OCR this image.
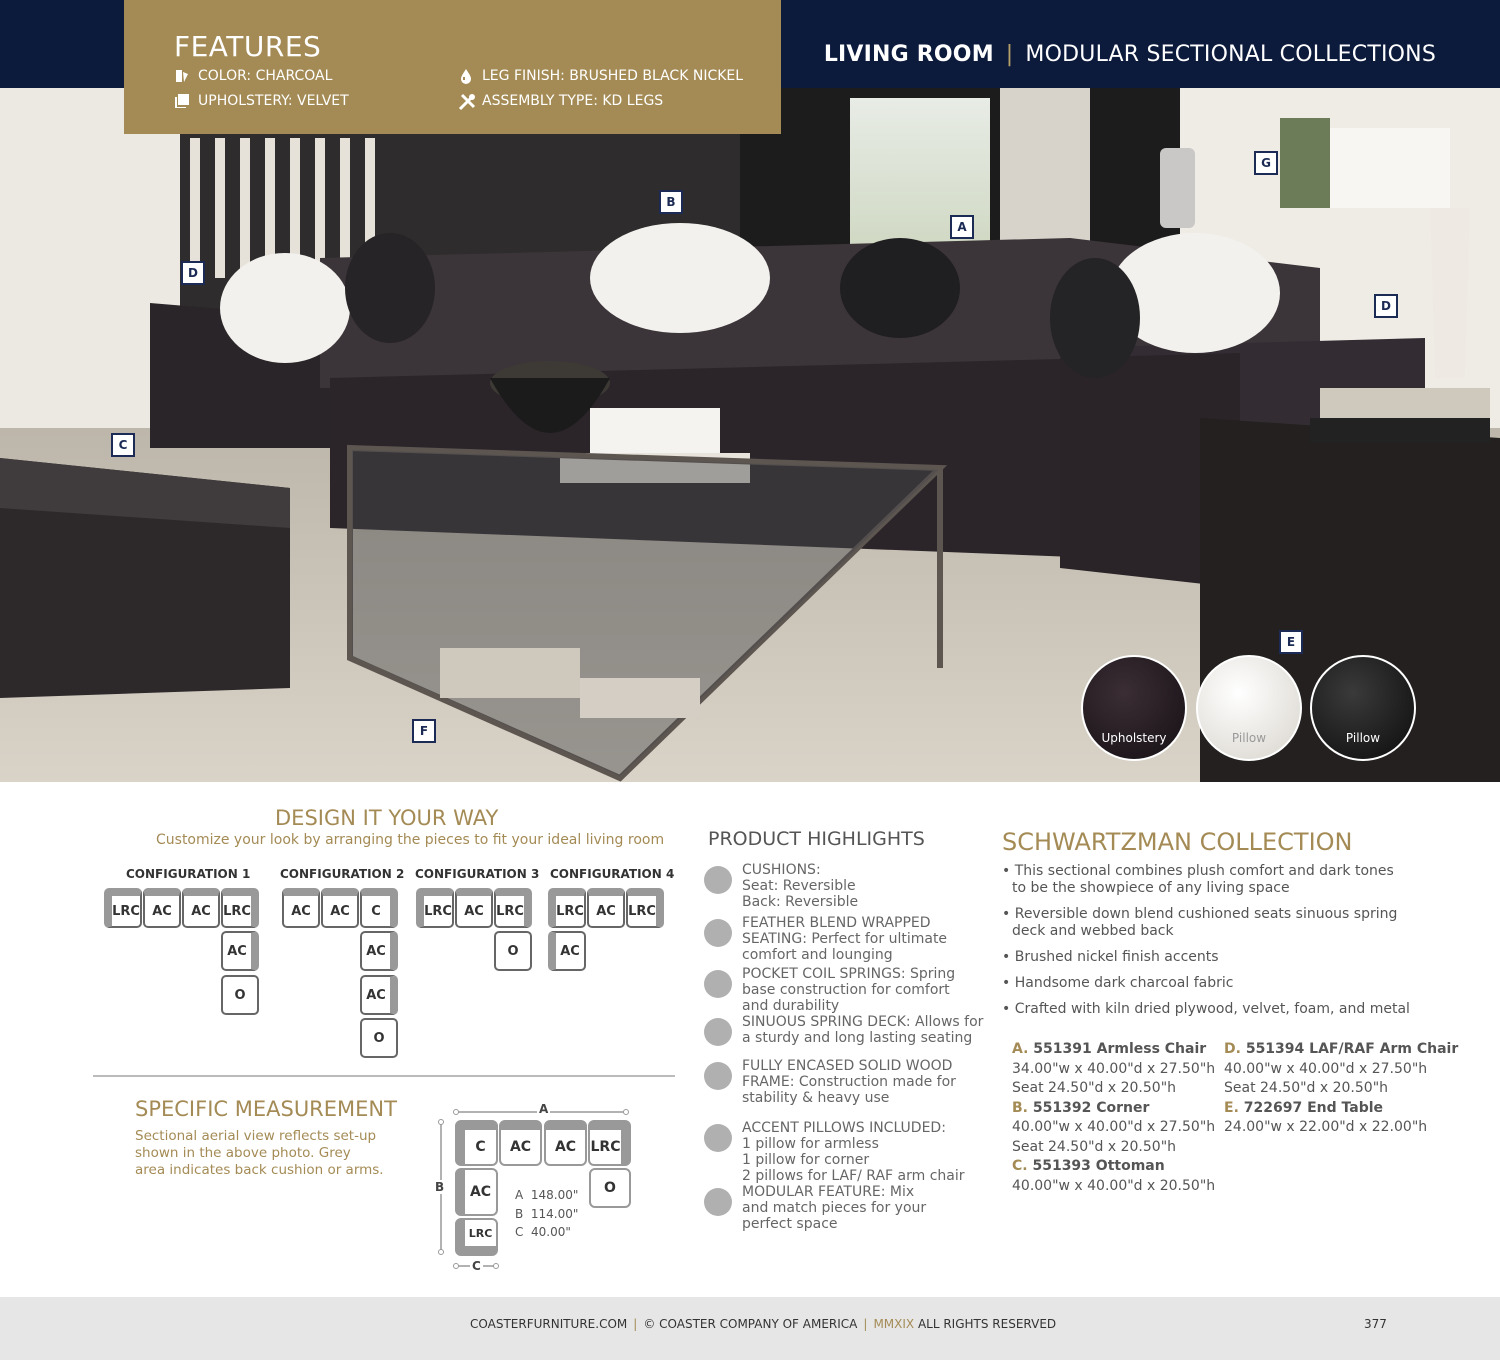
LIVING ROOM | MODULAR SECTIONAL COLLECTIONS
D
B
A
G
D
C
F
E
Upholstery	Pillow	Pillow
FEATURES
COLOR: CHARCOAL
UPHOLSTERY: VELVET
LEG FINISH: BRUSHED BLACK NICKEL
ASSEMBLY TYPE: KD LEGS
DESIGN IT YOUR WAY
Customize your look by arranging the pieces to fit your ideal living room
CONFIGURATION 1 CONFIGURATION 2 CONFIGURATION 3 CONFIGURATION 4
LRC AC	AC LRC
AC
O
AC	AC	C
AC
AC
O
LRC AC LRC
O
LRC AC LRC
AC
SPECIFIC MEASUREMENT
Sectional aerial view reflects set-up shown in the above photo. Grey area indicates back cushion or arms.
A
B
C
C	AC	AC	LRC
O
AC
LRC
A 148.00"
B 114.00"
C 40.00"
PRODUCT HIGHLIGHTS
CUSHIONS:
Seat: Reversible
Back: Reversible
FEATHER BLEND WRAPPED
SEATING: Perfect for ultimate
comfort and lounging
POCKET COIL SPRINGS: Spring
base construction for comfort
and durability
SINUOUS SPRING DECK: Allows for
a sturdy and long lasting seating
FULLY ENCASED SOLID WOOD
FRAME: Construction made for
stability & heavy use
ACCENT PILLOWS INCLUDED:
1 pillow for armless
1 pillow for corner
2 pillows for LAF/ RAF arm chair
MODULAR FEATURE: Mix
and match pieces for your
perfect space
SCHWARTZMAN COLLECTION
• This sectional combines plush comfort and dark tones to be the showpiece of any living space
• Reversible down blend cushioned seats sinuous spring deck and webbed back
• Brushed nickel finish accents
• Handsome dark charcoal fabric
• Crafted with kiln dried plywood, velvet, foam, and metal
A. 551391 Armless Chair
34.00"w x 40.00"d x 27.50"h
Seat 24.50"d x 20.50"h
B. 551392 Corner
40.00"w x 40.00"d x 27.50"h
Seat 24.50"d x 20.50"h
C. 551393 Ottoman
40.00"w x 40.00"d x 20.50"h
D. 551394 LAF/RAF Arm Chair
40.00"w x 40.00"d x 27.50"h
Seat 24.50"d x 20.50"h
E. 722697 End Table
24.00"w x 22.00"d x 22.00"h
COASTERFURNITURE.COM | © COASTER COMPANY OF AMERICA | MMXIX ALL RIGHTS RESERVED	377
